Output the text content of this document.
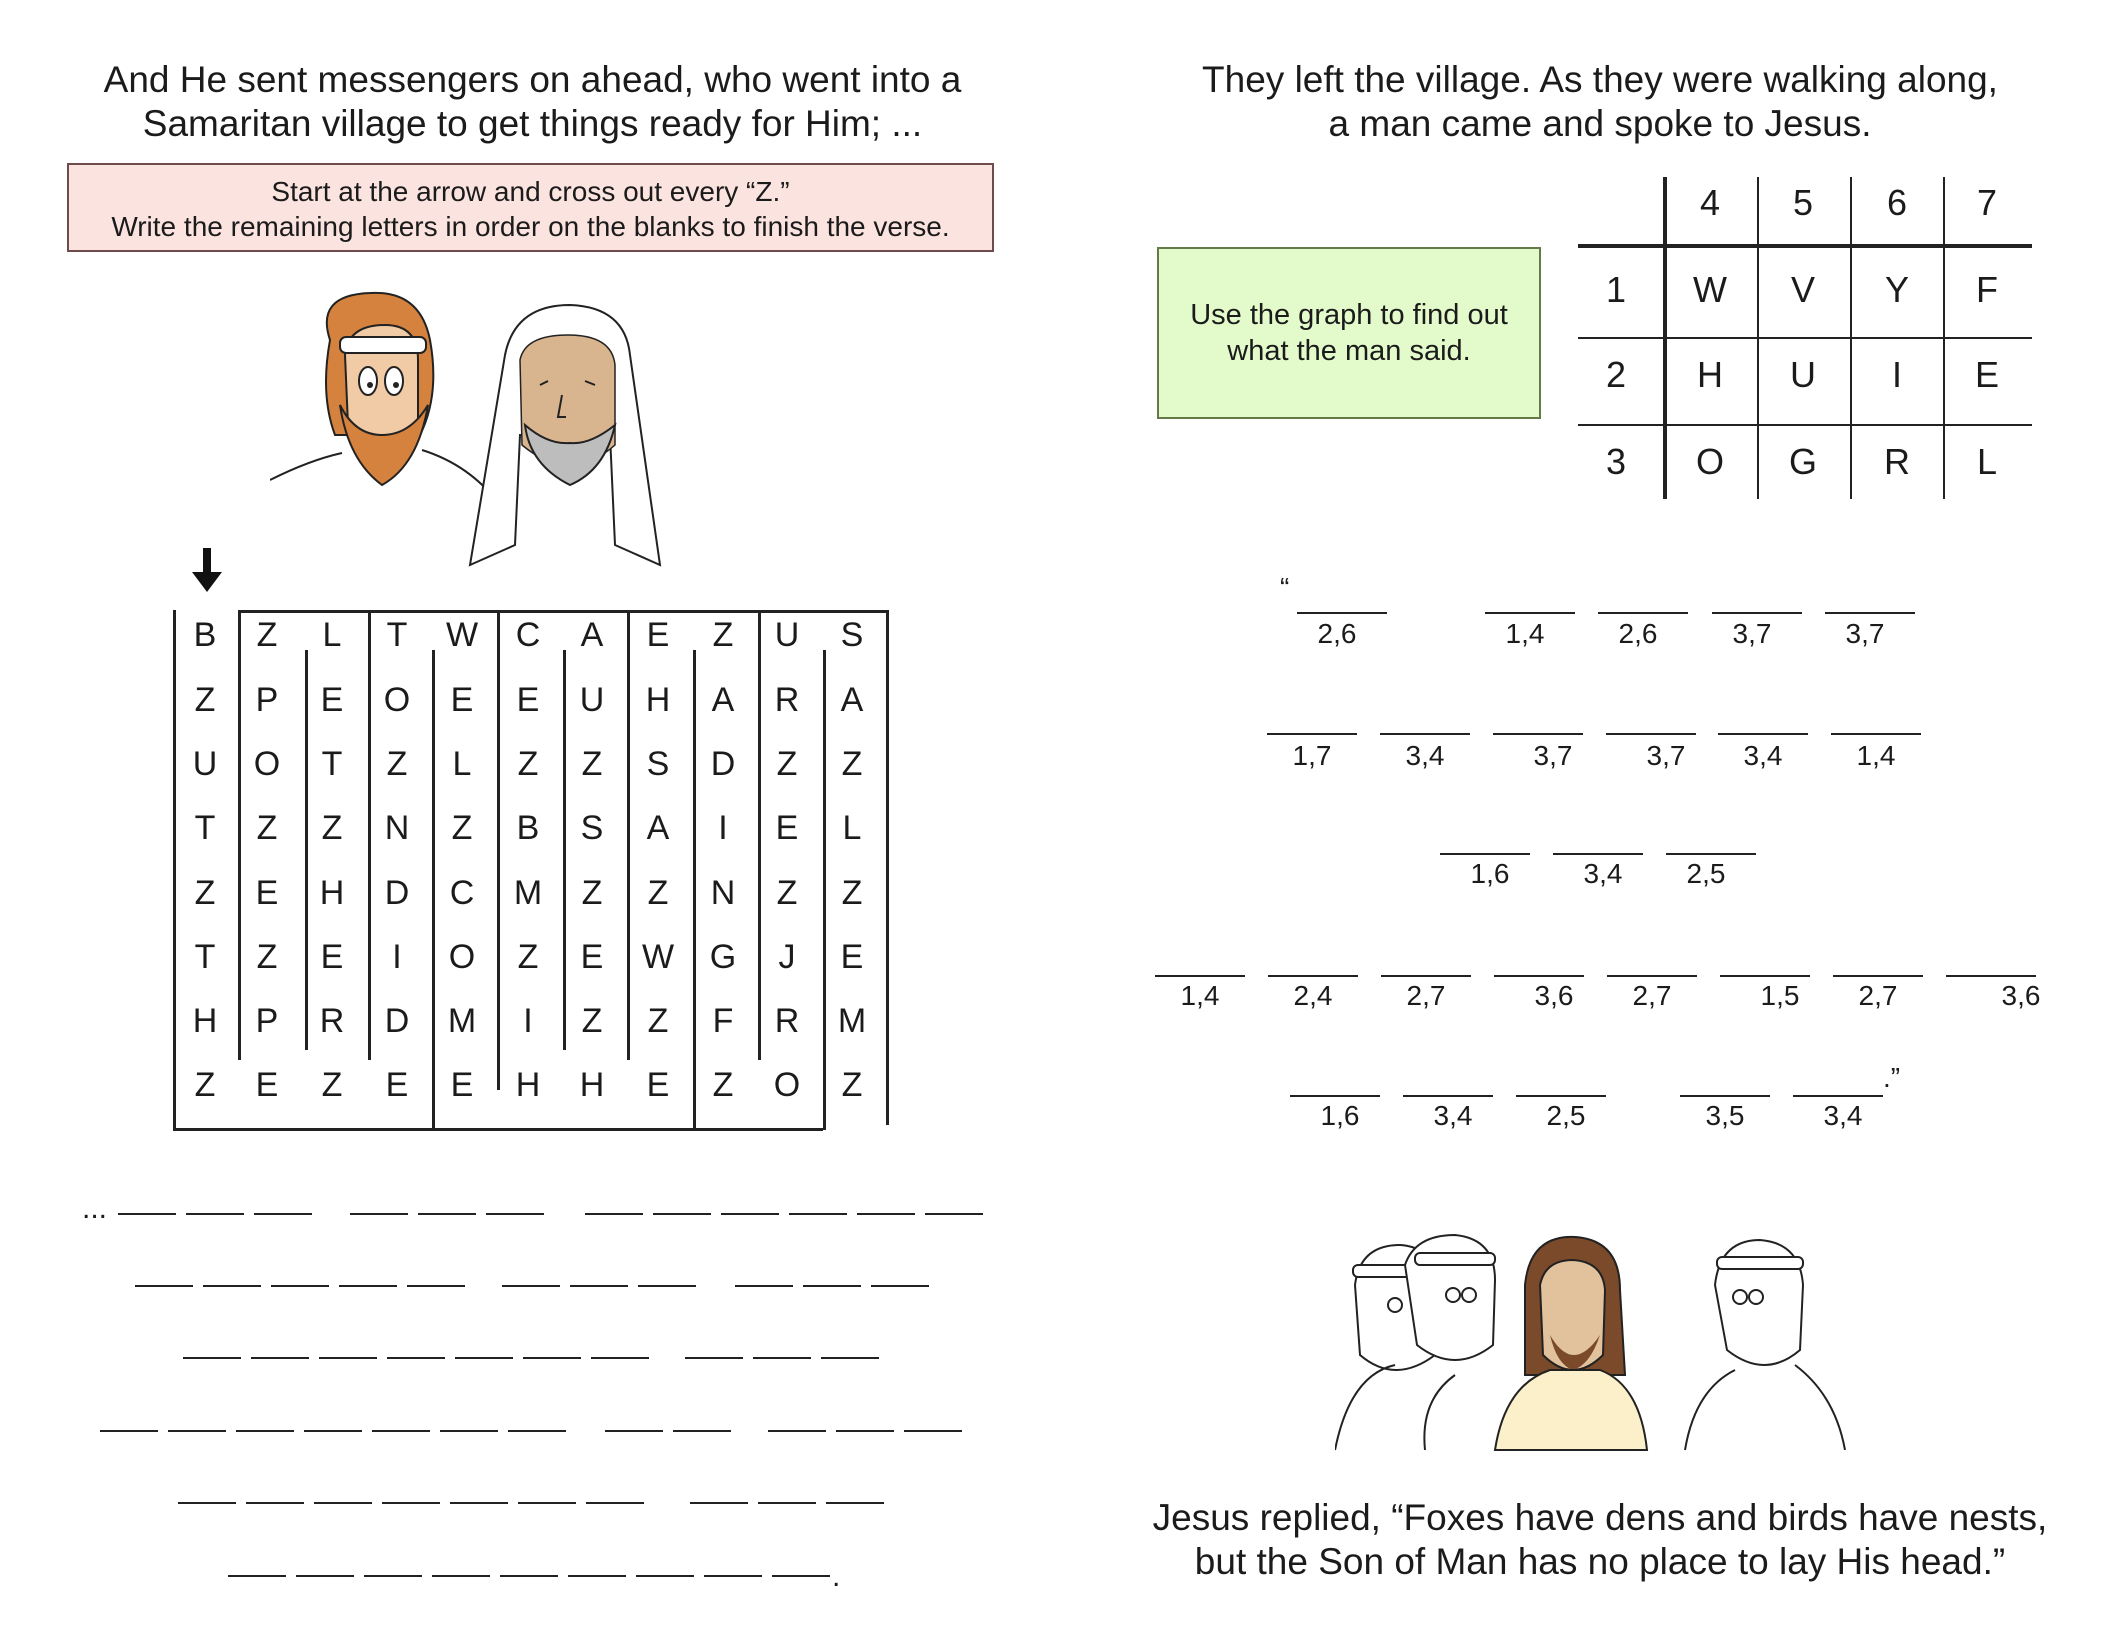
And He sent messengers on ahead, who went into a
Samaritan village to get things ready for Him; ...
Start at the arrow and cross out every “Z.”
Write the remaining letters in order on the blanks to finish the verse.
B	Z	L	T	W	C	A	E	Z	U	S
Z	P	E	O	E	E	U	H	A	R	A
U	O	T	Z	L	Z	Z	S	D	Z	Z
T	Z	Z	N	Z	B	S	A	I	E	L
Z	E	H	D	C	M	Z	Z	N	Z	Z
T	Z	E	I	O	Z	E	W	G	J	E
H	P	R	D	M	I	Z	Z	F	R	M
Z	E	Z	E	E	H	H	E	Z	O	Z
...
.
They left the village. As they were walking along,
a man came and spoke to Jesus.
Use the graph to find out
what the man said.
4	5	6	7
1	W	V	Y	F
2	H	U	I	E
3	O	G	R	L
“
2,6	1,4	2,6	3,7	3,7
1,7	3,4	3,7	3,7	3,4	1,4
1,6	3,4	2,5
1,4	2,4	2,7	3,6	2,7	1,5	2,7	3,6
1,6	3,4	2,5	3,5	3,4
.”
Jesus replied, “Foxes have dens and birds have nests,
but the Son of Man has no place to lay His head.”
